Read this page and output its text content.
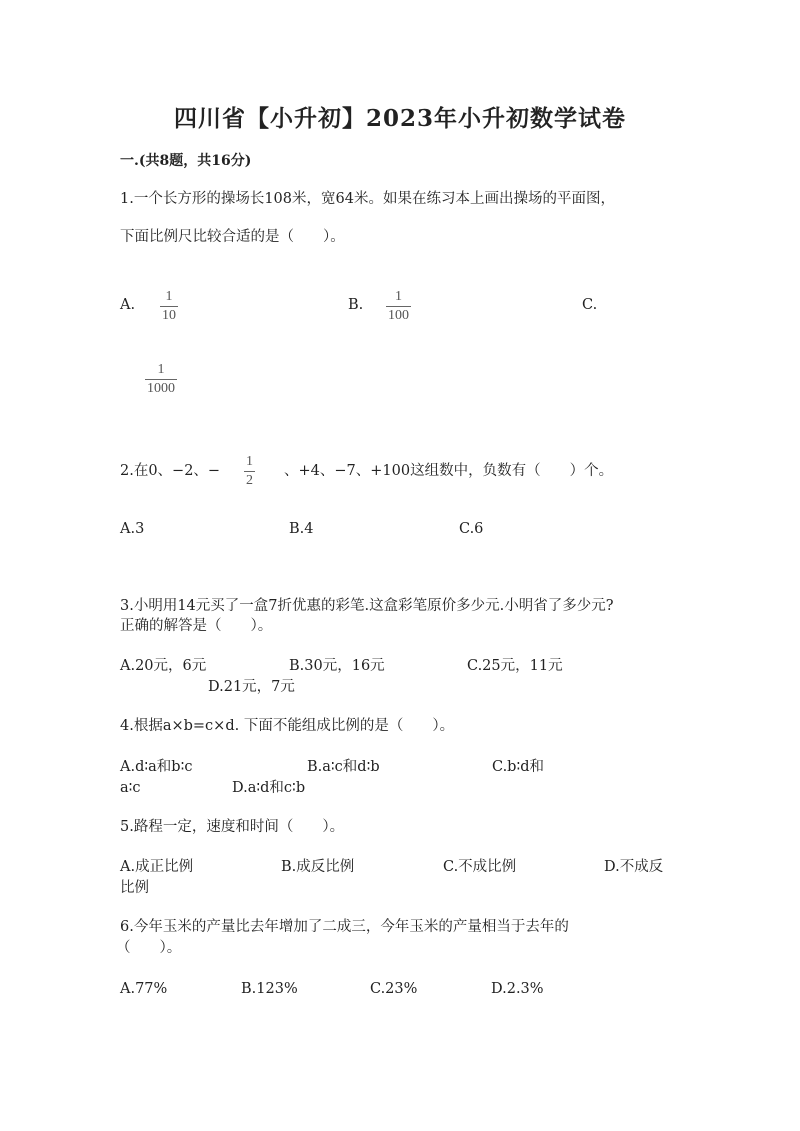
四川省【小升初】2023年小升初数学试卷
一.(共8题，共16分)
1.一个长方形的操场长108米，宽64米。如果在练习本上画出操场的平面图，
下面比例尺比较合适的是（　　）。
A.
1
10
B.
1
100
C.
1
1000
2.在0、−2、−
1
2
、+4、−7、+100这组数中，负数有（　　）个。
A.3	B.4	C.6
3.小明用14元买了一盒7折优惠的彩笔.这盒彩笔原价多少元.小明省了多少元?
正确的解答是（　　）。
A.20元，6元	B.30元，16元	C.25元，11元
D.21元，7元
4.根据a×b=c×d. 下面不能组成比例的是（　　）。
A.d∶a和b∶c	B.a∶c和d∶b	C.b∶d和
a∶c	D.a∶d和c∶b
5.路程一定，速度和时间（　　）。
A.成正比例	B.成反比例	C.不成比例	D.不成反
比例
6.今年玉米的产量比去年增加了二成三，今年玉米的产量相当于去年的
（　　）。
A.77%	B.123%	C.23%	D.2.3%
